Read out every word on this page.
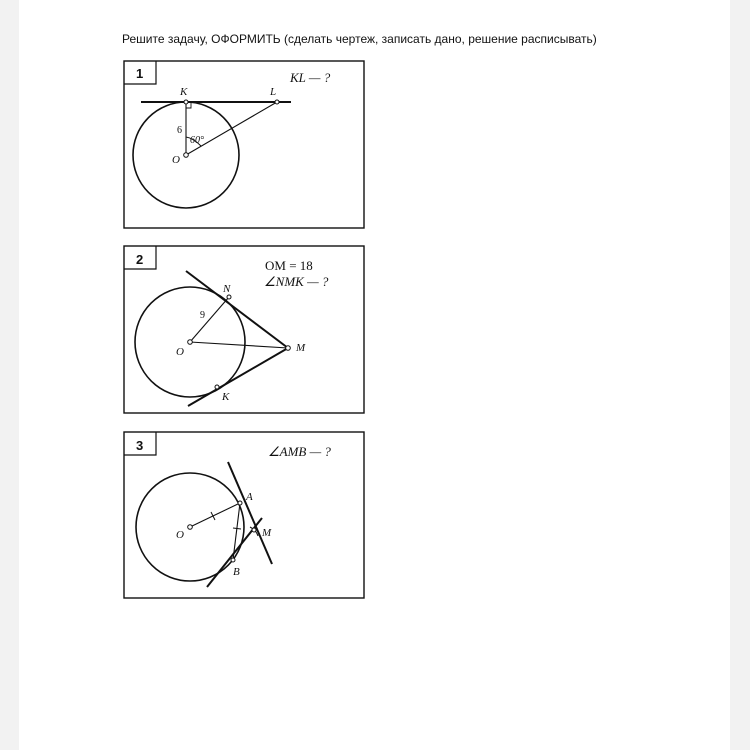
Решите задачу, ОФОРМИТЬ (сделать чертеж, записать дано, решение расписывать)
1	KL — ?
K	L
O
6
60°
2	OM = 18
∠NMK — ?
N
O	M
K
9
3	∠AMB — ?
A
O	M
B
